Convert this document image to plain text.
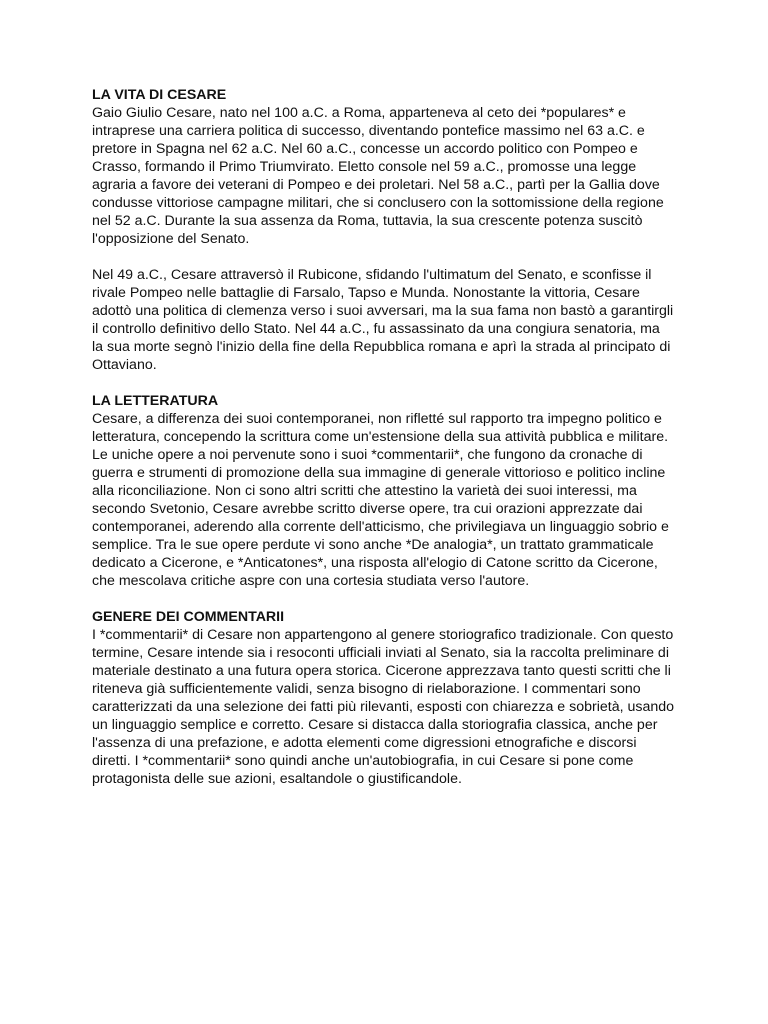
LA VITA DI CESARE

Gaio Giulio Cesare, nato nel 100 a.C. a Roma, apparteneva al ceto dei *populares* e
intraprese una carriera politica di successo, diventando pontefice massimo nel 63 a.C. e
pretore in Spagna nel 62 a.C. Nel 60 a.C., concesse un accordo politico con Pompeo e
Crasso, formando il Primo Triumvirato. Eletto console nel 59 a.C., promosse una legge
agraria a favore dei veterani di Pompeo e dei proletari. Nel 58 a.C., partì per la Gallia dove
condusse vittoriose campagne militari, che si conclusero con la sottomissione della regione
nel 52 a.C. Durante la sua assenza da Roma, tuttavia, la sua crescente potenza suscitò
l'opposizione del Senato.
Nel 49 a.C., Cesare attraversò il Rubicone, sfidando l'ultimatum del Senato, e sconfisse il
rivale Pompeo nelle battaglie di Farsalo, Tapso e Munda. Nonostante la vittoria, Cesare
adottò una politica di clemenza verso i suoi avversari, ma la sua fama non bastò a garantirgli
il controllo definitivo dello Stato. Nel 44 a.C., fu assassinato da una congiura senatoria, ma
la sua morte segnò l'inizio della fine della Repubblica romana e aprì la strada al principato di
Ottaviano.

LA LETTERATURA

Cesare, a differenza dei suoi contemporanei, non rifletté sul rapporto tra impegno politico e
letteratura, concependo la scrittura come un'estensione della sua attività pubblica e militare.
Le uniche opere a noi pervenute sono i suoi *commentarii*, che fungono da cronache di
guerra e strumenti di promozione della sua immagine di generale vittorioso e politico incline
alla riconciliazione. Non ci sono altri scritti che attestino la varietà dei suoi interessi, ma
secondo Svetonio, Cesare avrebbe scritto diverse opere, tra cui orazioni apprezzate dai
contemporanei, aderendo alla corrente dell'atticismo, che privilegiava un linguaggio sobrio e
semplice. Tra le sue opere perdute vi sono anche *De analogia*, un trattato grammaticale
dedicato a Cicerone, e *Anticatones*, una risposta all'elogio di Catone scritto da Cicerone,
che mescolava critiche aspre con una cortesia studiata verso l'autore.

GENERE DEI COMMENTARII

I *commentarii* di Cesare non appartengono al genere storiografico tradizionale. Con questo
termine, Cesare intende sia i resoconti ufficiali inviati al Senato, sia la raccolta preliminare di
materiale destinato a una futura opera storica. Cicerone apprezzava tanto questi scritti che li
riteneva già sufficientemente validi, senza bisogno di rielaborazione. I commentari sono
caratterizzati da una selezione dei fatti più rilevanti, esposti con chiarezza e sobrietà, usando
un linguaggio semplice e corretto. Cesare si distacca dalla storiografia classica, anche per
l'assenza di una prefazione, e adotta elementi come digressioni etnografiche e discorsi
diretti. I *commentarii* sono quindi anche un'autobiografia, in cui Cesare si pone come
protagonista delle sue azioni, esaltandole o giustificandole.
